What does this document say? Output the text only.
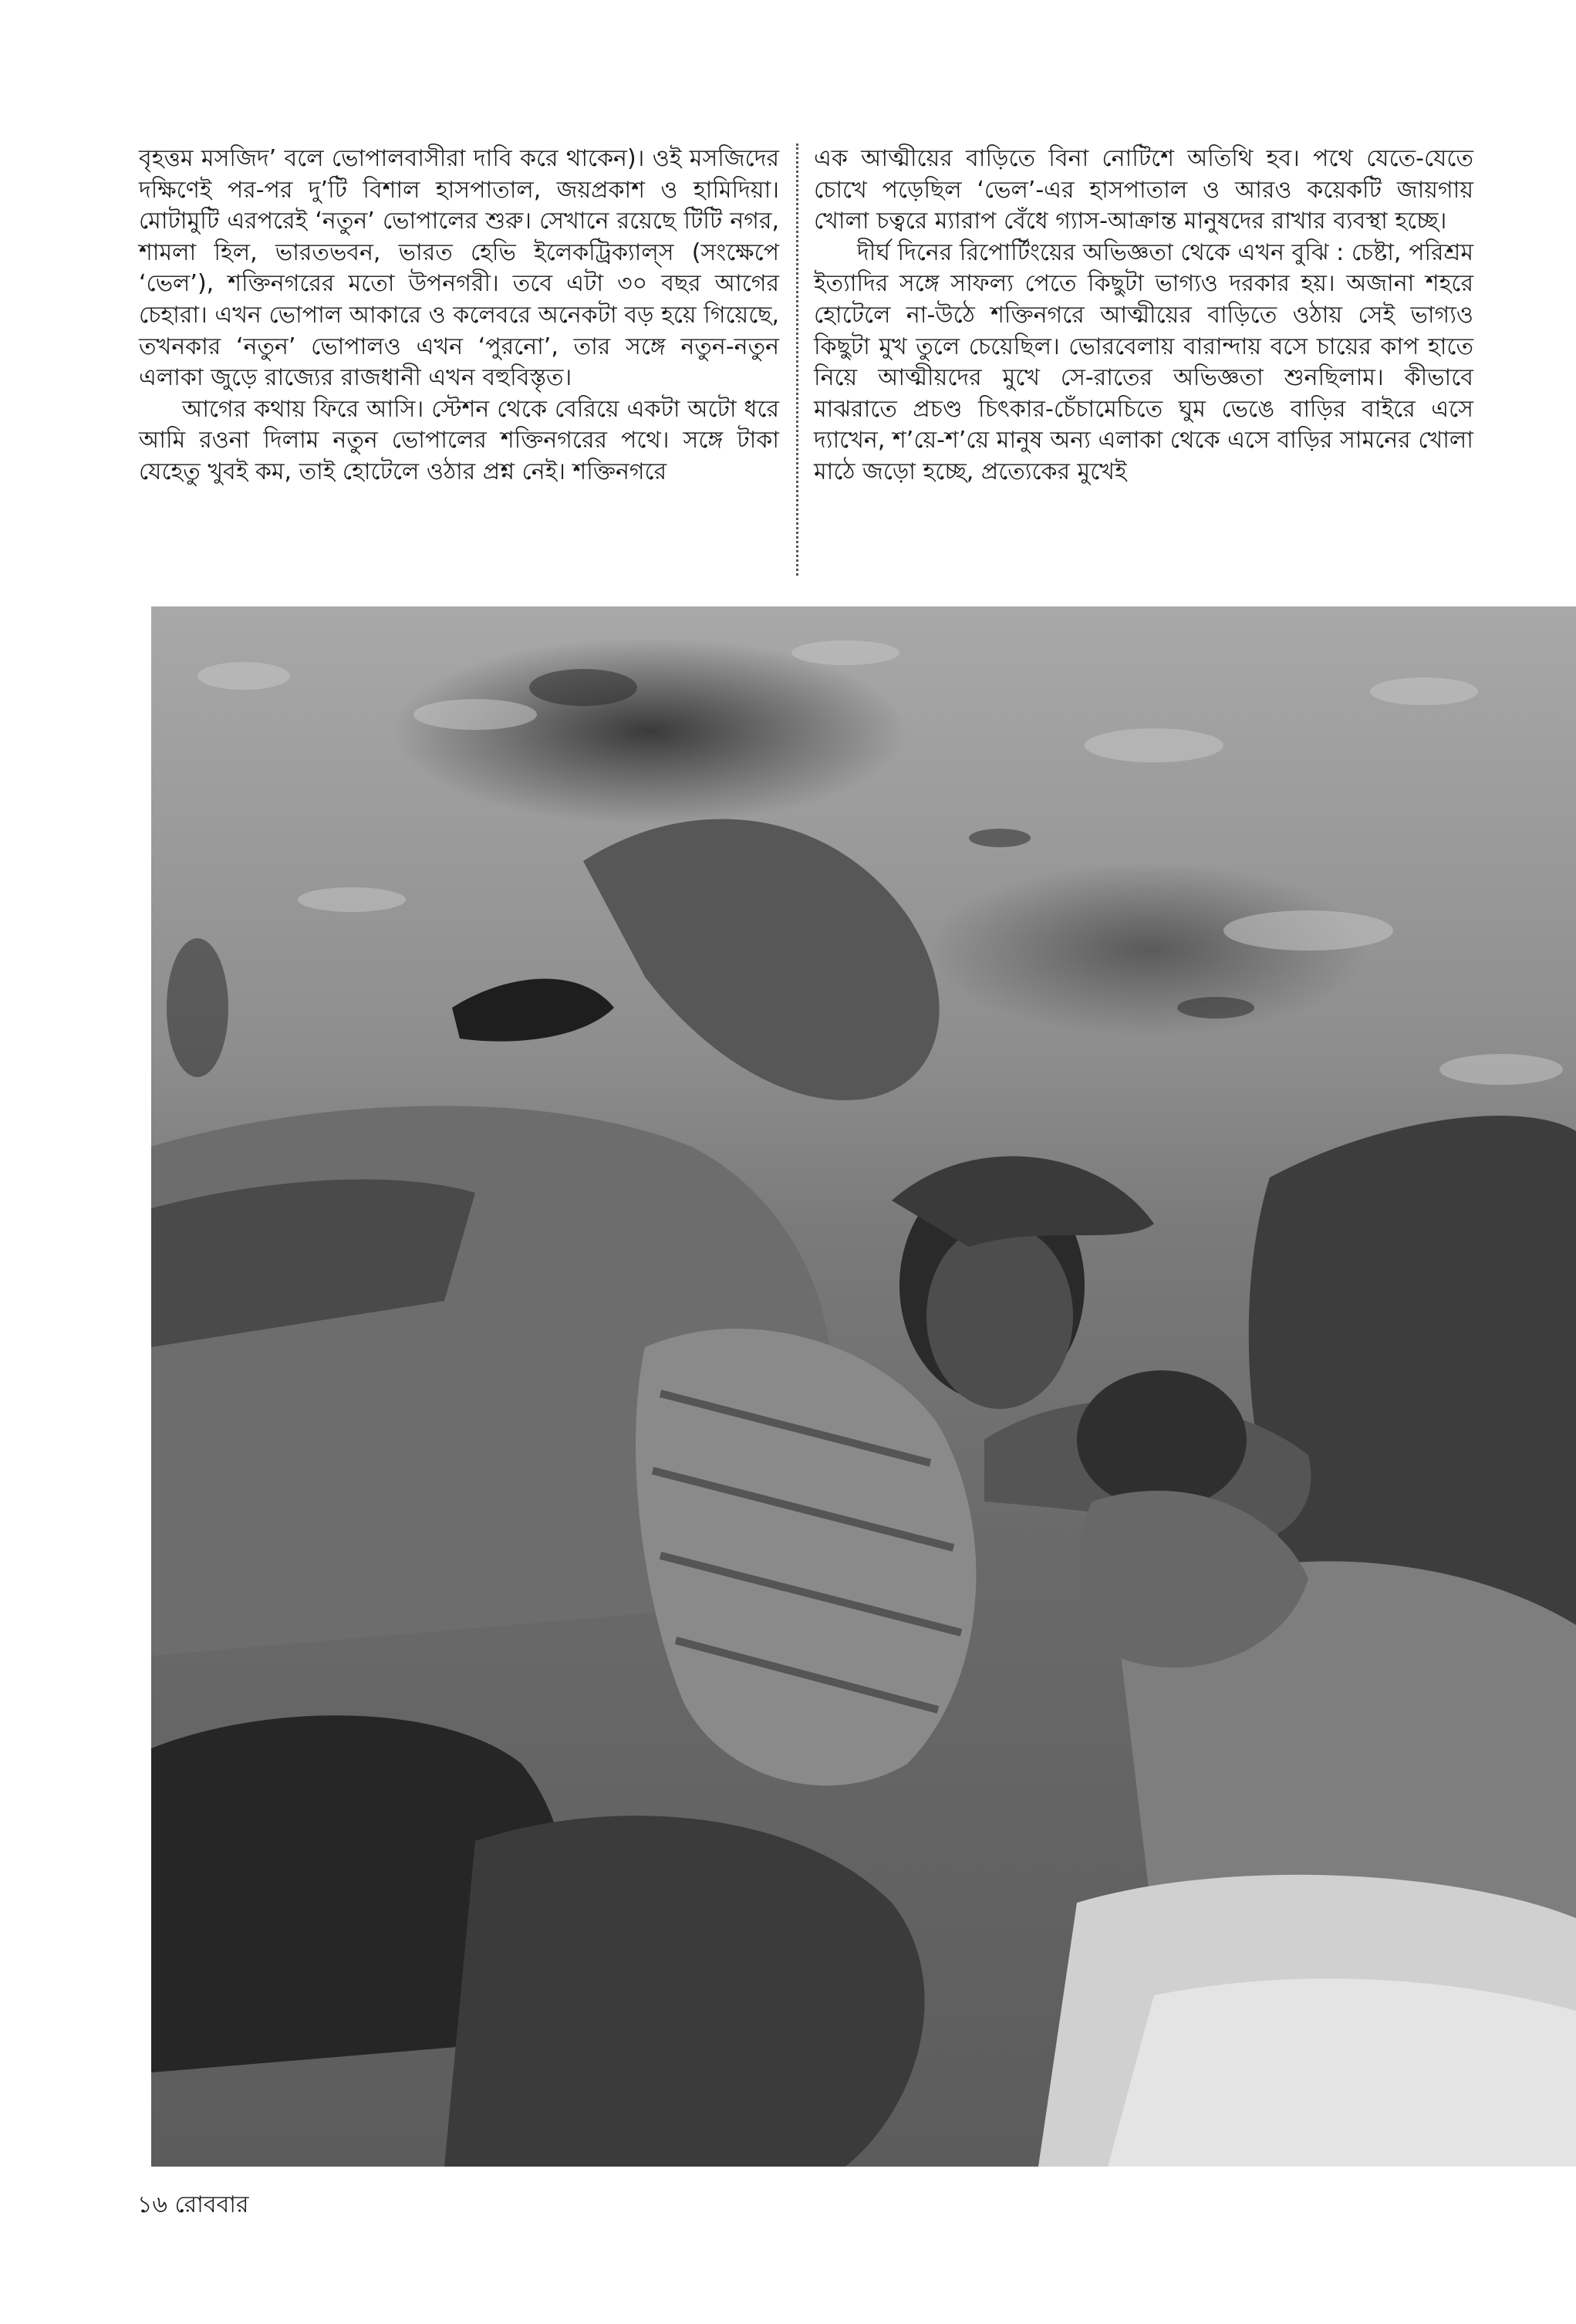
বৃহত্তম মসজিদ’ বলে ভোপালবাসীরা দাবি করে থাকেন)। ওই মসজিদের দক্ষিণেই পর-পর দু’টি বিশাল হাসপাতাল, জয়প্রকাশ ও হামিদিয়া। মোটামুটি এরপরেই ‘নতুন’ ভোপালের শুরু। সেখানে রয়েছে টিটি নগর, শামলা হিল, ভারতভবন, ভারত হেভি ইলেকট্রিক্যাল্‌স (সংক্ষেপে ‘ভেল’), শক্তিনগরের মতো উপনগরী। তবে এটা ৩০ বছর আগের চেহারা। এখন ভোপাল আকারে ও কলেবরে অনেকটা বড় হয়ে গিয়েছে, তখনকার ‘নতুন’ ভোপালও এখন ‘পুরনো’, তার সঙ্গে নতুন-নতুন এলাকা জুড়ে রাজ্যের রাজধানী এখন বহুবিস্তৃত।

আগের কথায় ফিরে আসি। স্টেশন থেকে বেরিয়ে একটা অটো ধরে আমি রওনা দিলাম নতুন ভোপালের শক্তিনগরের পথে। সঙ্গে টাকা যেহেতু খুবই কম, তাই হোটেলে ওঠার প্রশ্ন নেই। শক্তিনগরে

এক আত্মীয়ের বাড়িতে বিনা নোটিশে অতিথি হব। পথে যেতে-যেতে চোখে পড়েছিল ‘ভেল’-এর হাসপাতাল ও আরও কয়েকটি জায়গায় খোলা চত্বরে ম্যারাপ বেঁধে গ্যাস-আক্রান্ত মানুষদের রাখার ব্যবস্থা হচ্ছে।

দীর্ঘ দিনের রিপোর্টিংয়ের অভিজ্ঞতা থেকে এখন বুঝি : চেষ্টা, পরিশ্রম ইত্যাদির সঙ্গে সাফল্য পেতে কিছুটা ভাগ্যও দরকার হয়। অজানা শহরে হোটেলে না-উঠে শক্তিনগরে আত্মীয়ের বাড়িতে ওঠায় সেই ভাগ্যও কিছুটা মুখ তুলে চেয়েছিল। ভোরবেলায় বারান্দায় বসে চায়ের কাপ হাতে নিয়ে আত্মীয়দের মুখে সে-রাতের অভিজ্ঞতা শুনছিলাম। কীভাবে মাঝরাতে প্রচণ্ড চিৎকার-চেঁচামেচিতে ঘুম ভেঙে বাড়ির বাইরে এসে দ্যাখেন, শ’য়ে-শ’য়ে মানুষ অন্য এলাকা থেকে এসে বাড়ির সামনের খোলা মাঠে জড়ো হচ্ছে, প্রত্যেকের মুখেই

১৬ রোববার
